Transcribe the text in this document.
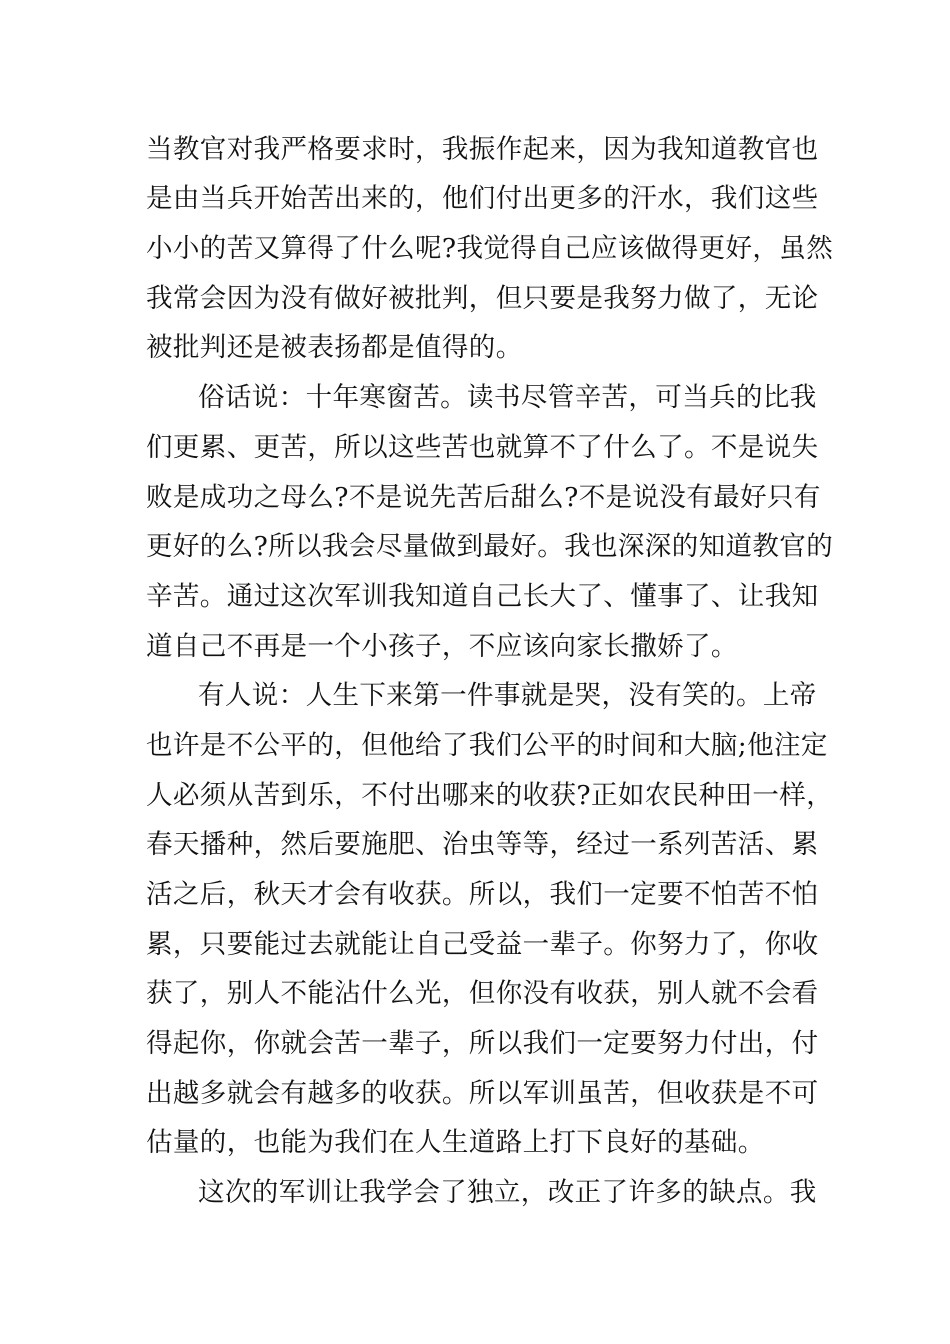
当教官对我严格要求时，我振作起来，因为我知道教官也
是由当兵开始苦出来的，他们付出更多的汗水，我们这些
小小的苦又算得了什么呢?我觉得自己应该做得更好，虽然
我常会因为没有做好被批判，但只要是我努力做了，无论
被批判还是被表扬都是值得的。
俗话说：十年寒窗苦。读书尽管辛苦，可当兵的比我
们更累、更苦，所以这些苦也就算不了什么了。不是说失
败是成功之母么?不是说先苦后甜么?不是说没有最好只有
更好的么?所以我会尽量做到最好。我也深深的知道教官的
辛苦。通过这次军训我知道自己长大了、懂事了、让我知
道自己不再是一个小孩子，不应该向家长撒娇了。
有人说：人生下来第一件事就是哭，没有笑的。上帝
也许是不公平的，但他给了我们公平的时间和大脑;他注定
人必须从苦到乐，不付出哪来的收获?正如农民种田一样，
春天播种，然后要施肥、治虫等等，经过一系列苦活、累
活之后，秋天才会有收获。所以，我们一定要不怕苦不怕
累，只要能过去就能让自己受益一辈子。你努力了，你收
获了，别人不能沾什么光，但你没有收获，别人就不会看
得起你，你就会苦一辈子，所以我们一定要努力付出，付
出越多就会有越多的收获。所以军训虽苦，但收获是不可
估量的，也能为我们在人生道路上打下良好的基础。
这次的军训让我学会了独立，改正了许多的缺点。我
